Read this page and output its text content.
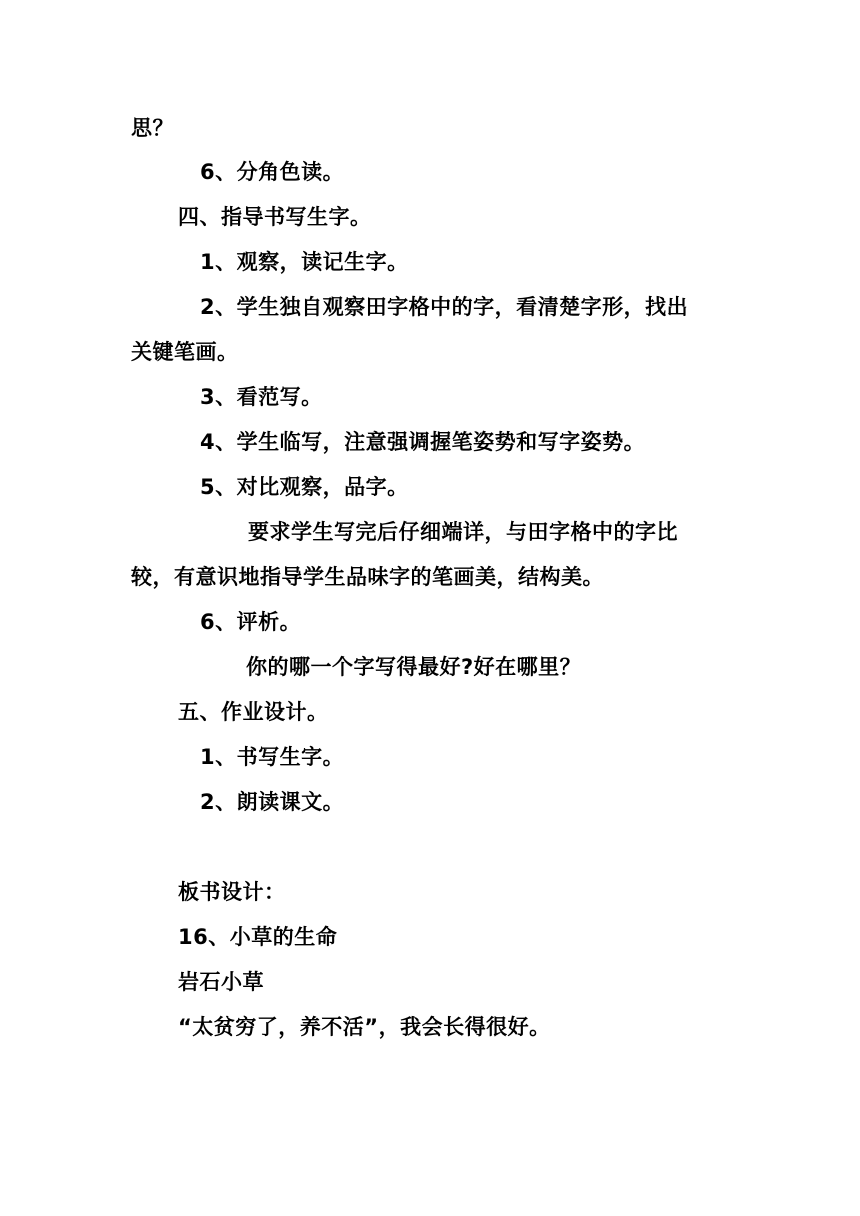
思？
6、分角色读。
四、指导书写生字。
1、观察，读记生字。
2、学生独自观察田字格中的字，看清楚字形，找出
关键笔画。
3、看范写。
4、学生临写，注意强调握笔姿势和写字姿势。
5、对比观察，品字。
要求学生写完后仔细端详，与田字格中的字比
较，有意识地指导学生品味字的笔画美，结构美。
6、评析。
你的哪一个字写得最好?好在哪里？
五、作业设计。
1、书写生字。
2、朗读课文。
板书设计：
16、小草的生命
岩石小草
“太贫穷了，养不活”，我会长得很好。
